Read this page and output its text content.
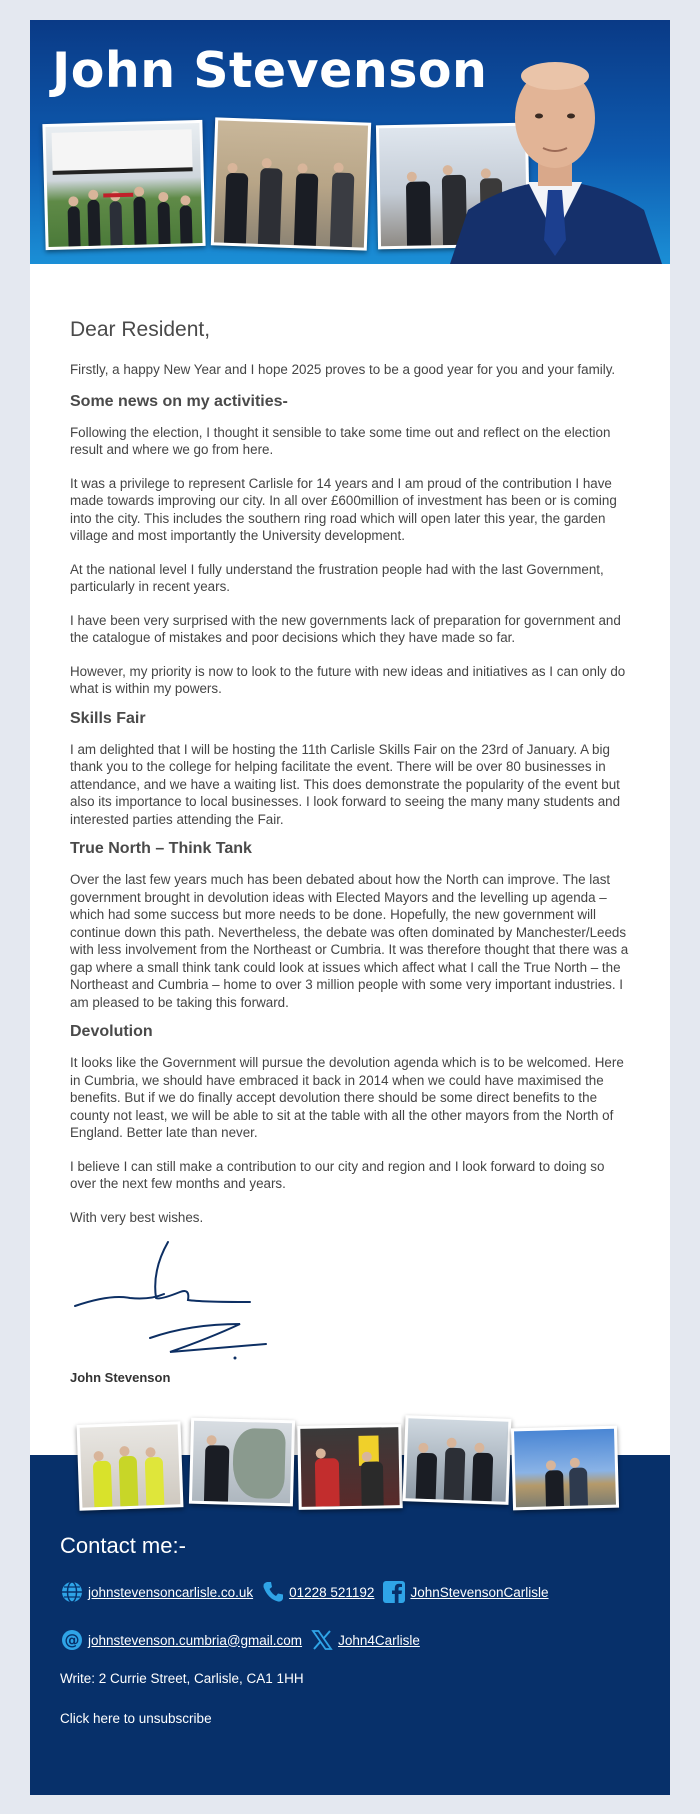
John Stevenson

Dear Resident,

Firstly, a happy New Year and I hope 2025 proves to be a good year for you and your family.

Some news on my activities-

Following the election, I thought it sensible to take some time out and reflect on the election result and where we go from here.

It was a privilege to represent Carlisle for 14 years and I am proud of the contribution I have made towards improving our city. In all over £600million of investment has been or is coming into the city. This includes the southern ring road which will open later this year, the garden village and most importantly the University development.

At the national level I fully understand the frustration people had with the last Government, particularly in recent years.

I have been very surprised with the new governments lack of preparation for government and the catalogue of mistakes and poor decisions which they have made so far.

However, my priority is now to look to the future with new ideas and initiatives as I can only do what is within my powers.

Skills Fair

I am delighted that I will be hosting the 11th Carlisle Skills Fair on the 23rd of January. A big thank you to the college for helping facilitate the event. There will be over 80 businesses in attendance, and we have a waiting list. This does demonstrate the popularity of the event but also its importance to local businesses. I look forward to seeing the many many students and interested parties attending the Fair.

True North – Think Tank

Over the last few years much has been debated about how the North can improve. The last government brought in devolution ideas with Elected Mayors and the levelling up agenda – which had some success but more needs to be done. Hopefully, the new government will continue down this path. Nevertheless, the debate was often dominated by Manchester/Leeds with less involvement from the Northeast or Cumbria. It was therefore thought that there was a gap where a small think tank could look at issues which affect what I call the True North – the Northeast and Cumbria – home to over 3 million people with some very important industries. I am pleased to be taking this forward.

Devolution

It looks like the Government will pursue the devolution agenda which is to be welcomed. Here in Cumbria, we should have embraced it back in 2014 when we could have maximised the benefits. But if we do finally accept devolution there should be some direct benefits to the county not least, we will be able to sit at the table with all the other mayors from the North of England. Better late than never.

I believe I can still make a contribution to our city and region and I look forward to doing so over the next few months and years.

With very best wishes.

John Stevenson
Contact me:-
johnstevensoncarlisle.co.uk	01228 521192	JohnStevensonCarlisle
@ johnstevenson.cumbria@gmail.com	John4Carlisle
Write: 2 Currie Street, Carlisle, CA1 1HH
Click here to unsubscribe
